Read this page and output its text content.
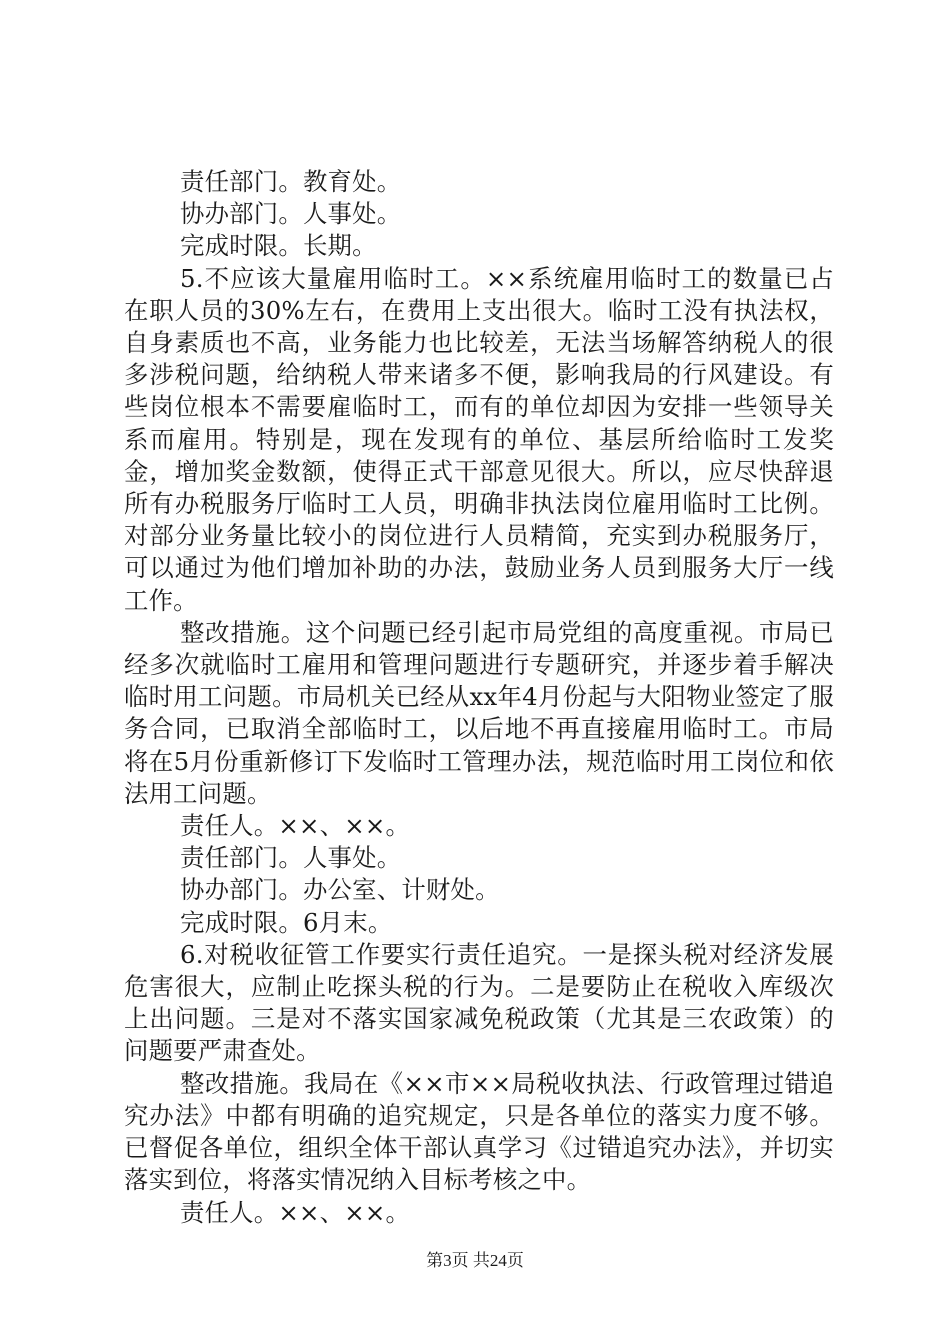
责任部门。教育处。

协办部门。人事处。

完成时限。长期。

5.不应该大量雇用临时工。××系统雇用临时工的数量已占在职人员的30%左右，在费用上支出很大。临时工没有执法权，自身素质也不高，业务能力也比较差，无法当场解答纳税人的很多涉税问题，给纳税人带来诸多不便，影响我局的行风建设。有些岗位根本不需要雇临时工，而有的单位却因为安排一些领导关系而雇用。特别是，现在发现有的单位、基层所给临时工发奖金，增加奖金数额，使得正式干部意见很大。所以，应尽快辞退所有办税服务厅临时工人员，明确非执法岗位雇用临时工比例。对部分业务量比较小的岗位进行人员精简，充实到办税服务厅，可以通过为他们增加补助的办法，鼓励业务人员到服务大厅一线工作。

整改措施。这个问题已经引起市局党组的高度重视。市局已经多次就临时工雇用和管理问题进行专题研究，并逐步着手解决临时用工问题。市局机关已经从xx年4月份起与大阳物业签定了服务合同，已取消全部临时工，以后地不再直接雇用临时工。市局将在5月份重新修订下发临时工管理办法，规范临时用工岗位和依法用工问题。

责任人。××、××。

责任部门。人事处。

协办部门。办公室、计财处。

完成时限。6月末。

6.对税收征管工作要实行责任追究。一是探头税对经济发展危害很大，应制止吃探头税的行为。二是要防止在税收入库级次上出问题。三是对不落实国家减免税政策（尤其是三农政策）的问题要严肃查处。

整改措施。我局在《××市××局税收执法、行政管理过错追究办法》中都有明确的追究规定，只是各单位的落实力度不够。已督促各单位，组织全体干部认真学习《过错追究办法》，并切实落实到位，将落实情况纳入目标考核之中。

责任人。××、××。

第3页 共24页
